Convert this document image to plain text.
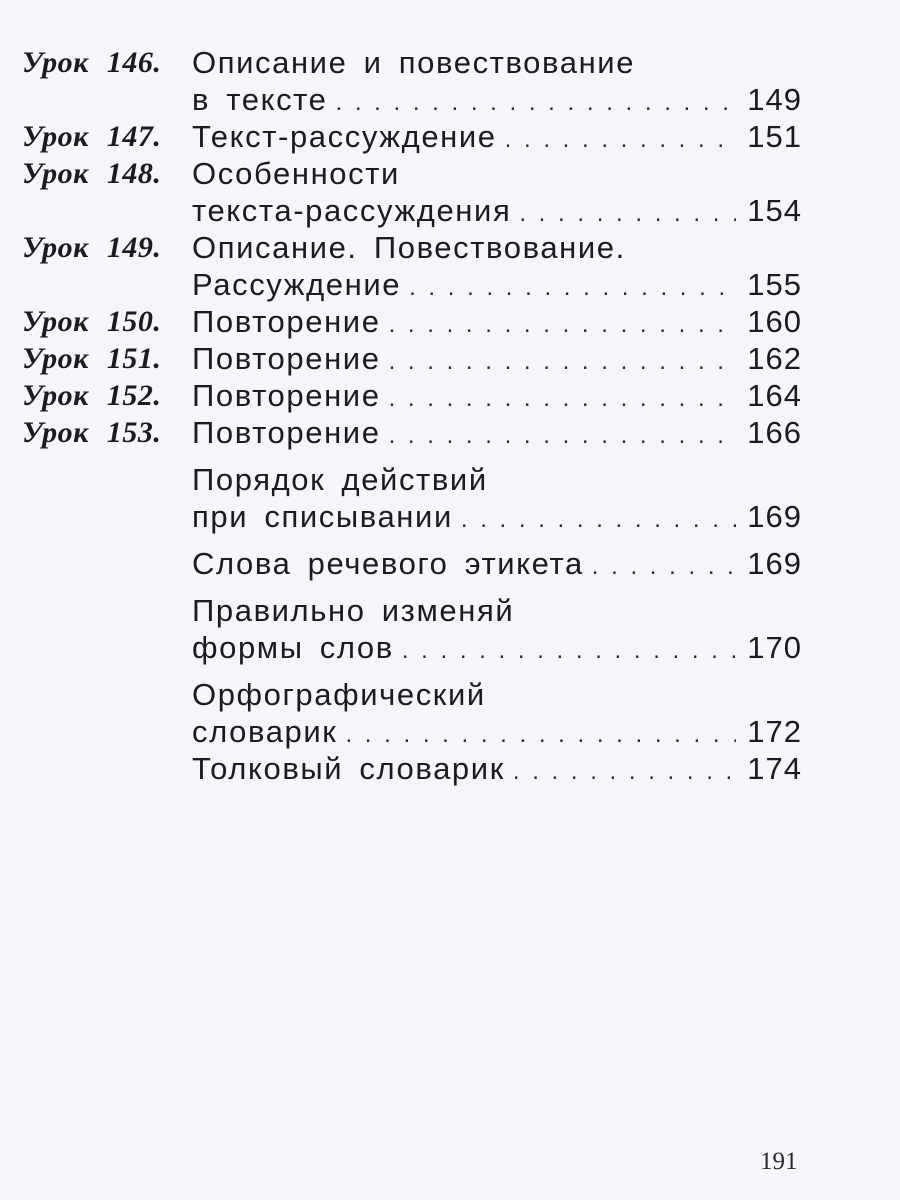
Урок 146. Описание и повествование
в тексте . . .	149
Урок 147. Текст-рассуждение . . .	151
Урок 148. Особенности
текста-рассуждения . . .	154
Урок 149. Описание. Повествование.
Рассуждение . . .	155
Урок 150. Повторение . . .	160
Урок 151. Повторение . . .	162
Урок 152. Повторение . . .	164
Урок 153. Повторение . . .	166
Порядок действий
при списывании . . .	169
Слова речевого этикета . . .	169
Правильно изменяй
формы слов . . .	170
Орфографический
словарик . . .	172
Толковый словарик . . .	174
191
